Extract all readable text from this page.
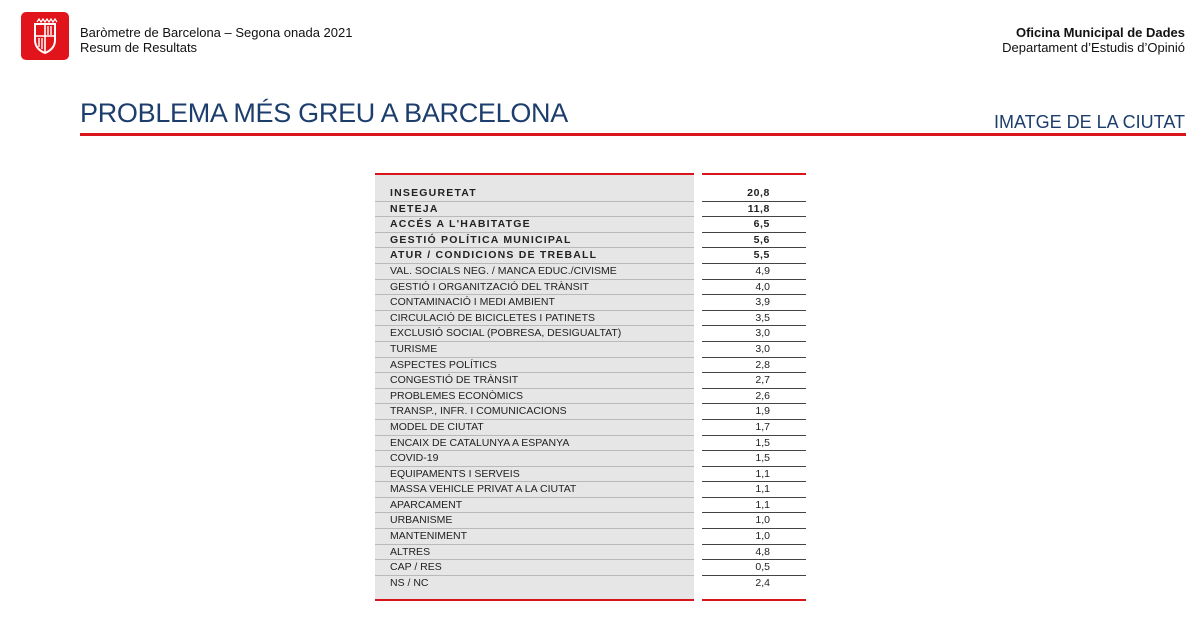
Baròmetre de Barcelona – Segona onada 2021
Resum de Resultats
Oficina Municipal de Dades
Departament d’Estudis d’Opinió
PROBLEMA MÉS GREU A BARCELONA	IMATGE DE LA CIUTAT
INSEGURETAT
NETEJA
ACCÉS A L'HABITATGE
GESTIÓ POLÍTICA MUNICIPAL
ATUR / CONDICIONS DE TREBALL
VAL. SOCIALS NEG. / MANCA EDUC./CIVISME
GESTIÓ I ORGANITZACIÓ DEL TRÀNSIT
CONTAMINACIÓ I MEDI AMBIENT
CIRCULACIÓ DE BICICLETES I PATINETS
EXCLUSIÓ SOCIAL (POBRESA, DESIGUALTAT)
TURISME
ASPECTES POLÍTICS
CONGESTIÓ DE TRÀNSIT
PROBLEMES ECONÒMICS
TRANSP., INFR. I COMUNICACIONS
MODEL DE CIUTAT
ENCAIX DE CATALUNYA A ESPANYA
COVID-19
EQUIPAMENTS I SERVEIS
MASSA VEHICLE PRIVAT A LA CIUTAT
APARCAMENT
URBANISME
MANTENIMENT
ALTRES
CAP / RES
NS / NC
20,8
11,8
6,5
5,6
5,5
4,9
4,0
3,9
3,5
3,0
3,0
2,8
2,7
2,6
1,9
1,7
1,5
1,5
1,1
1,1
1,1
1,0
1,0
4,8
0,5
2,4
